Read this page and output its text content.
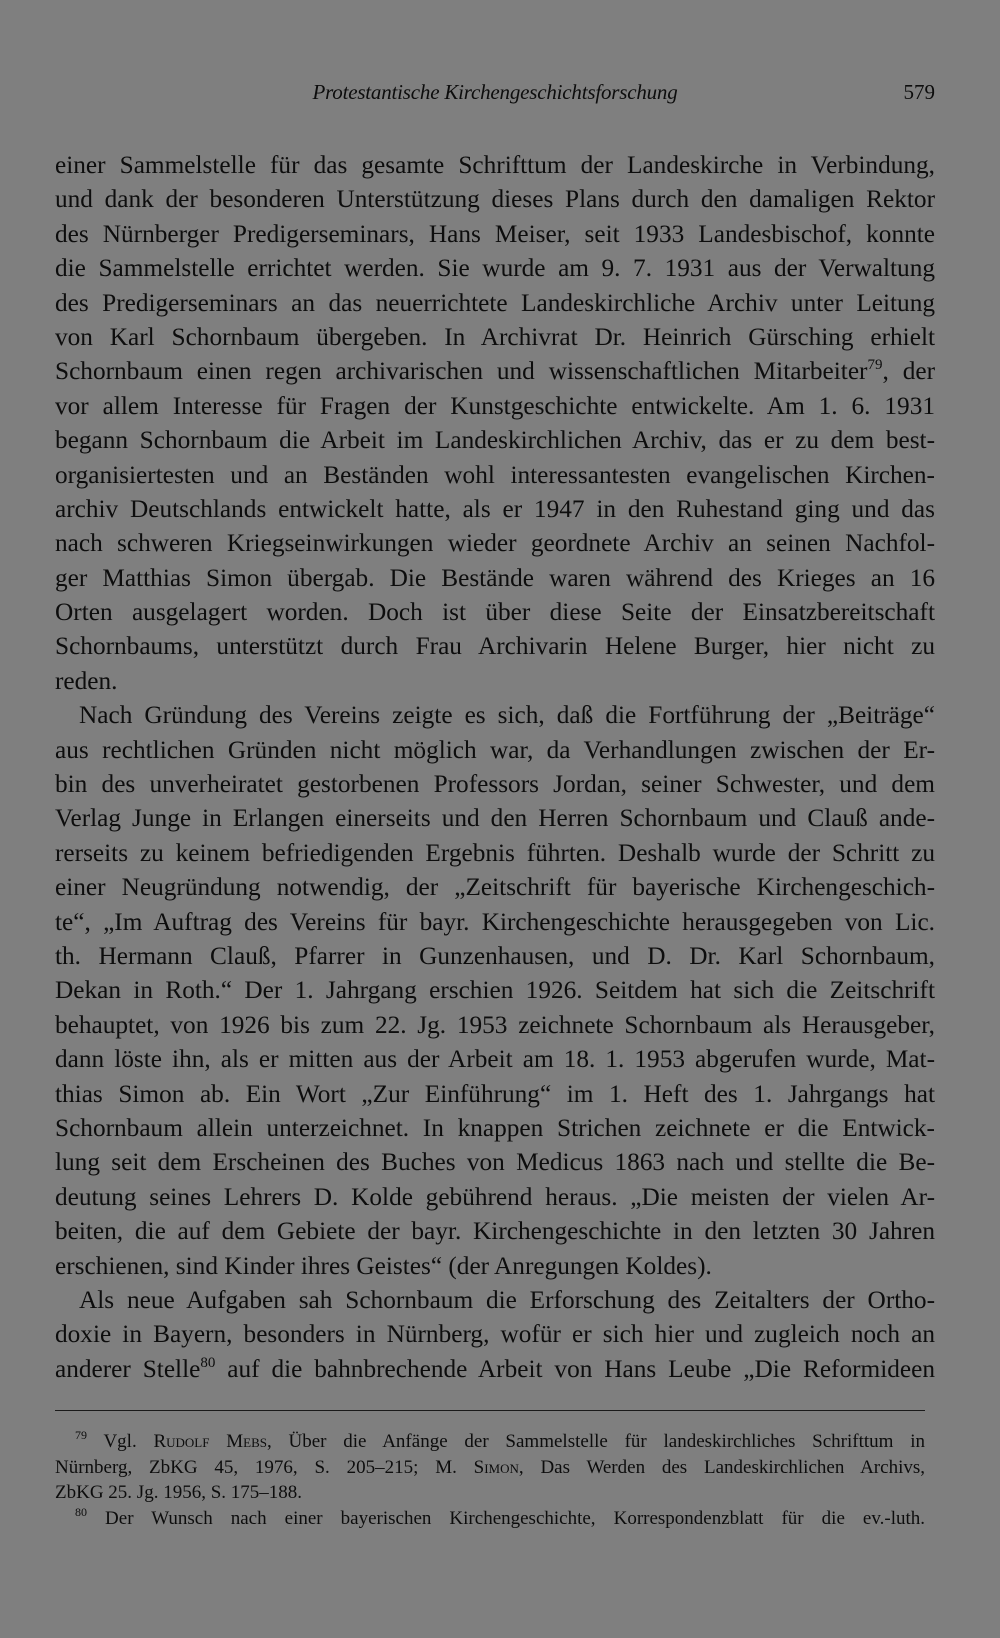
Protestantische Kirchengeschichtsforschung	579
einer Sammelstelle für das gesamte Schrifttum der Landeskirche in Verbindung,
und dank der besonderen Unterstützung dieses Plans durch den damaligen Rektor
des Nürnberger Predigerseminars, Hans Meiser, seit 1933 Landesbischof, konnte
die Sammelstelle errichtet werden. Sie wurde am 9. 7. 1931 aus der Verwaltung
des Predigerseminars an das neuerrichtete Landeskirchliche Archiv unter Leitung
von Karl Schornbaum übergeben. In Archivrat Dr. Heinrich Gürsching erhielt
Schornbaum einen regen archivarischen und wissenschaftlichen Mitarbeiter$^{79}$, der
vor allem Interesse für Fragen der Kunstgeschichte entwickelte. Am 1. 6. 1931
begann Schornbaum die Arbeit im Landeskirchlichen Archiv, das er zu dem best-
organisiertesten und an Beständen wohl interessantesten evangelischen Kirchen-
archiv Deutschlands entwickelt hatte, als er 1947 in den Ruhestand ging und das
nach schweren Kriegseinwirkungen wieder geordnete Archiv an seinen Nachfol-
ger Matthias Simon übergab. Die Bestände waren während des Krieges an 16
Orten ausgelagert worden. Doch ist über diese Seite der Einsatzbereitschaft
Schornbaums, unterstützt durch Frau Archivarin Helene Burger, hier nicht zu
reden.
Nach Gründung des Vereins zeigte es sich, daß die Fortführung der „Beiträge“
aus rechtlichen Gründen nicht möglich war, da Verhandlungen zwischen der Er-
bin des unverheiratet gestorbenen Professors Jordan, seiner Schwester, und dem
Verlag Junge in Erlangen einerseits und den Herren Schornbaum und Clauß ande-
rerseits zu keinem befriedigenden Ergebnis führten. Deshalb wurde der Schritt zu
einer Neugründung notwendig, der „Zeitschrift für bayerische Kirchengeschich-
te“, „Im Auftrag des Vereins für bayr. Kirchengeschichte herausgegeben von Lic.
th. Hermann Clauß, Pfarrer in Gunzenhausen, und D. Dr. Karl Schornbaum,
Dekan in Roth.“ Der 1. Jahrgang erschien 1926. Seitdem hat sich die Zeitschrift
behauptet, von 1926 bis zum 22. Jg. 1953 zeichnete Schornbaum als Herausgeber,
dann löste ihn, als er mitten aus der Arbeit am 18. 1. 1953 abgerufen wurde, Mat-
thias Simon ab. Ein Wort „Zur Einführung“ im 1. Heft des 1. Jahrgangs hat
Schornbaum allein unterzeichnet. In knappen Strichen zeichnete er die Entwick-
lung seit dem Erscheinen des Buches von Medicus 1863 nach und stellte die Be-
deutung seines Lehrers D. Kolde gebührend heraus. „Die meisten der vielen Ar-
beiten, die auf dem Gebiete der bayr. Kirchengeschichte in den letzten 30 Jahren
erschienen, sind Kinder ihres Geistes“ (der Anregungen Koldes).
Als neue Aufgaben sah Schornbaum die Erforschung des Zeitalters der Ortho-
doxie in Bayern, besonders in Nürnberg, wofür er sich hier und zugleich noch an
anderer Stelle$^{80}$ auf die bahnbrechende Arbeit von Hans Leube „Die Reformideen
$^{79}$ Vgl. Rudolf Mebs, Über die Anfänge der Sammelstelle für landeskirchliches Schrifttum in
Nürnberg, ZbKG 45, 1976, S. 205–215; M. Simon, Das Werden des Landeskirchlichen Archivs,
ZbKG 25. Jg. 1956, S. 175–188.
$^{80}$ Der Wunsch nach einer bayerischen Kirchengeschichte, Korrespondenzblatt für die ev.-luth.
